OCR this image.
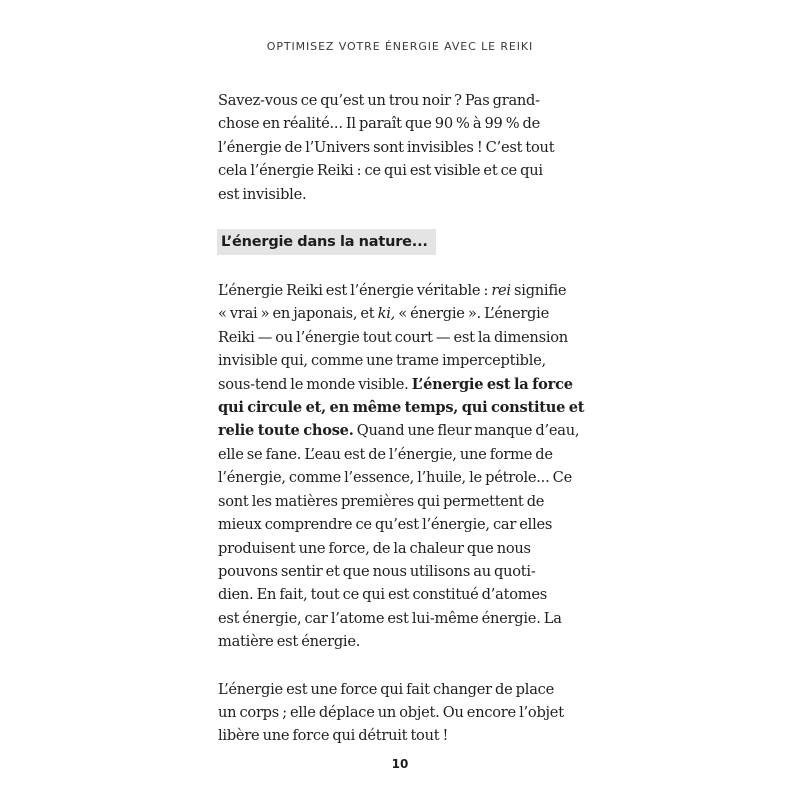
OPTIMISEZ VOTRE ÉNERGIE AVEC LE REIKI

Savez-vous ce qu’est un trou noir ? Pas grand-
chose en réalité... Il paraît que 90 % à 99 % de
l’énergie de l’Univers sont invisibles ! C’est tout
cela l’énergie Reiki : ce qui est visible et ce qui
est invisible.

L’énergie dans la nature...

L’énergie Reiki est l’énergie véritable : rei signifie
« vrai » en japonais, et ki, « énergie ». L’énergie
Reiki — ou l’énergie tout court — est la dimension
invisible qui, comme une trame imperceptible,
sous-tend le monde visible. L’énergie est la force
qui circule et, en même temps, qui constitue et
relie toute chose. Quand une fleur manque d’eau,
elle se fane. L’eau est de l’énergie, une forme de
l’énergie, comme l’essence, l’huile, le pétrole... Ce
sont les matières premières qui permettent de
mieux comprendre ce qu’est l’énergie, car elles
produisent une force, de la chaleur que nous
pouvons sentir et que nous utilisons au quoti-
dien. En fait, tout ce qui est constitué d’atomes
est énergie, car l’atome est lui-même énergie. La
matière est énergie.

L’énergie est une force qui fait changer de place
un corps ; elle déplace un objet. Ou encore l’objet
libère une force qui détruit tout !

10
